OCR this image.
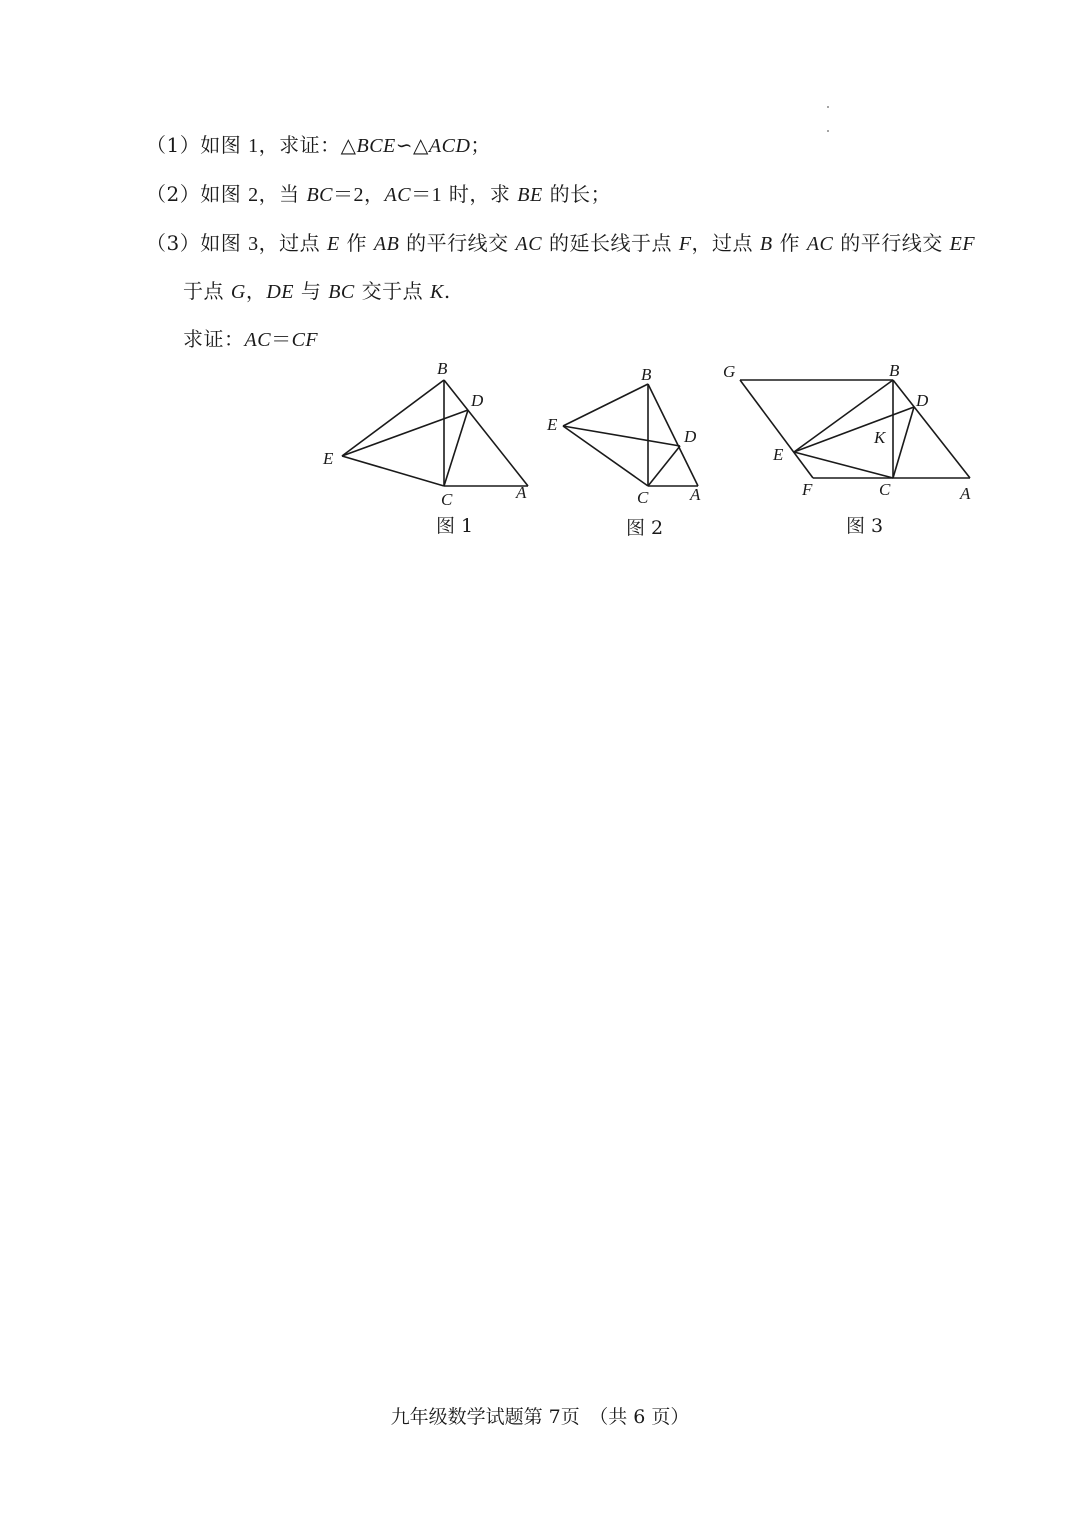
（1）如图 1，求证：△BCE∽△ACD；
（2）如图 2，当 BC＝2，AC＝1 时，求 BE 的长；
（3）如图 3，过点 E 作 AB 的平行线交 AC 的延长线于点 F，过点 B 作 AC 的平行线交 EF
于点 G，DE 与 BC 交于点 K.
求证：AC＝CF
B
D
E
C	A
图 1
B
E
D
C A
图 2
G	B
D
K
E
F	C	A
图 3
九年级数学试题第 7页　（共 6 页）
